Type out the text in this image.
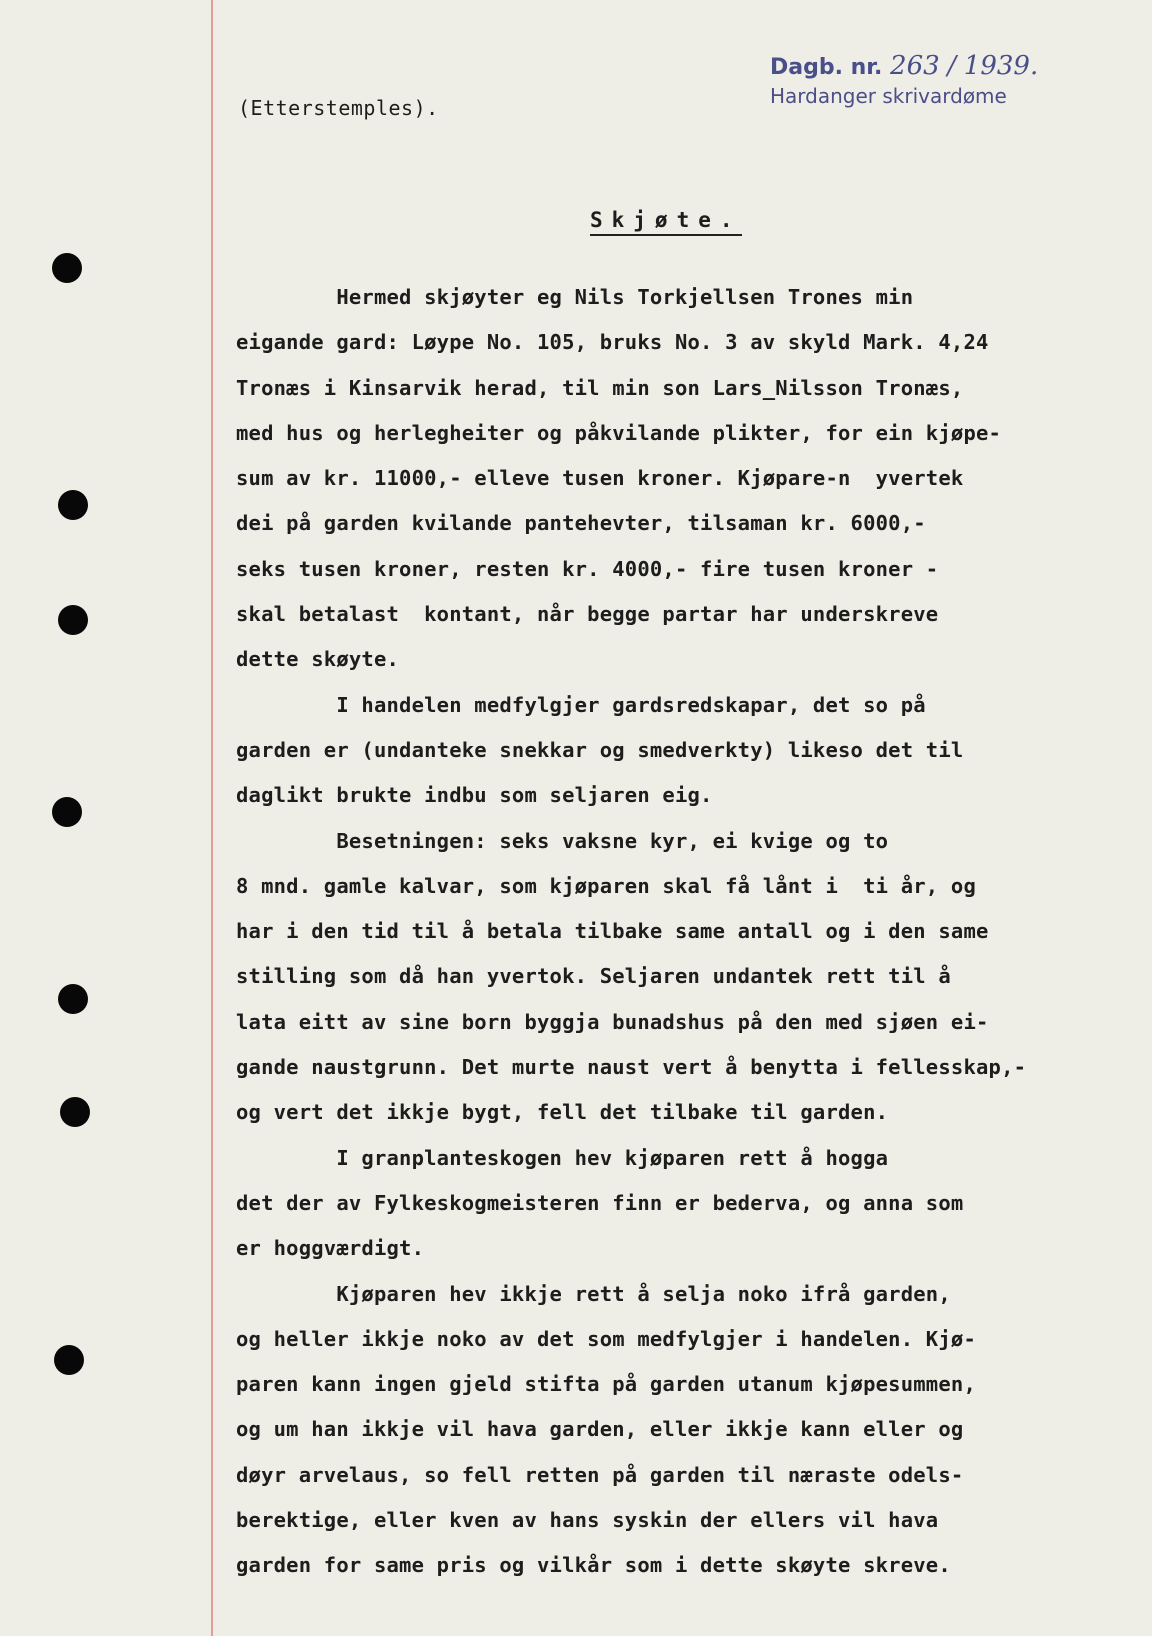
Dagb. nr. 263 / 1939.
Hardanger skrivardøme
(Etterstemples).
Skjøte.
Hermed skjøyter eg Nils Torkjellsen Trones min
eigande gard: Løype No. 105, bruks No. 3 av skyld Mark. 4,24
Tronæs i Kinsarvik herad, til min son Lars_Nilsson Tronæs,
med hus og herlegheiter og påkvilande plikter, for ein kjøpe-
sum av kr. 11000,- elleve tusen kroner. Kjøpare-n  yvertek
dei på garden kvilande pantehevter, tilsaman kr. 6000,-
seks tusen kroner, resten kr. 4000,- fire tusen kroner -
skal betalast  kontant, når begge partar har underskreve
dette skøyte.
I handelen medfylgjer gardsredskapar, det so på
garden er (undanteke snekkar og smedverkty) likeso det til
daglikt brukte indbu som seljaren eig.
Besetningen: seks vaksne kyr, ei kvige og to
8 mnd. gamle kalvar, som kjøparen skal få lånt i  ti år, og
har i den tid til å betala tilbake same antall og i den same
stilling som då han yvertok. Seljaren undantek rett til å
lata eitt av sine born byggja bunadshus på den med sjøen ei-
gande naustgrunn. Det murte naust vert å benytta i fellesskap,-
og vert det ikkje bygt, fell det tilbake til garden.
I granplanteskogen hev kjøparen rett å hogga
det der av Fylkeskogmeisteren finn er bederva, og anna som
er hoggværdigt.
Kjøparen hev ikkje rett å selja noko ifrå garden,
og heller ikkje noko av det som medfylgjer i handelen. Kjø-
paren kann ingen gjeld stifta på garden utanum kjøpesummen,
og um han ikkje vil hava garden, eller ikkje kann eller og
døyr arvelaus, so fell retten på garden til næraste odels-
berektige, eller kven av hans syskin der ellers vil hava
garden for same pris og vilkår som i dette skøyte skreve.
